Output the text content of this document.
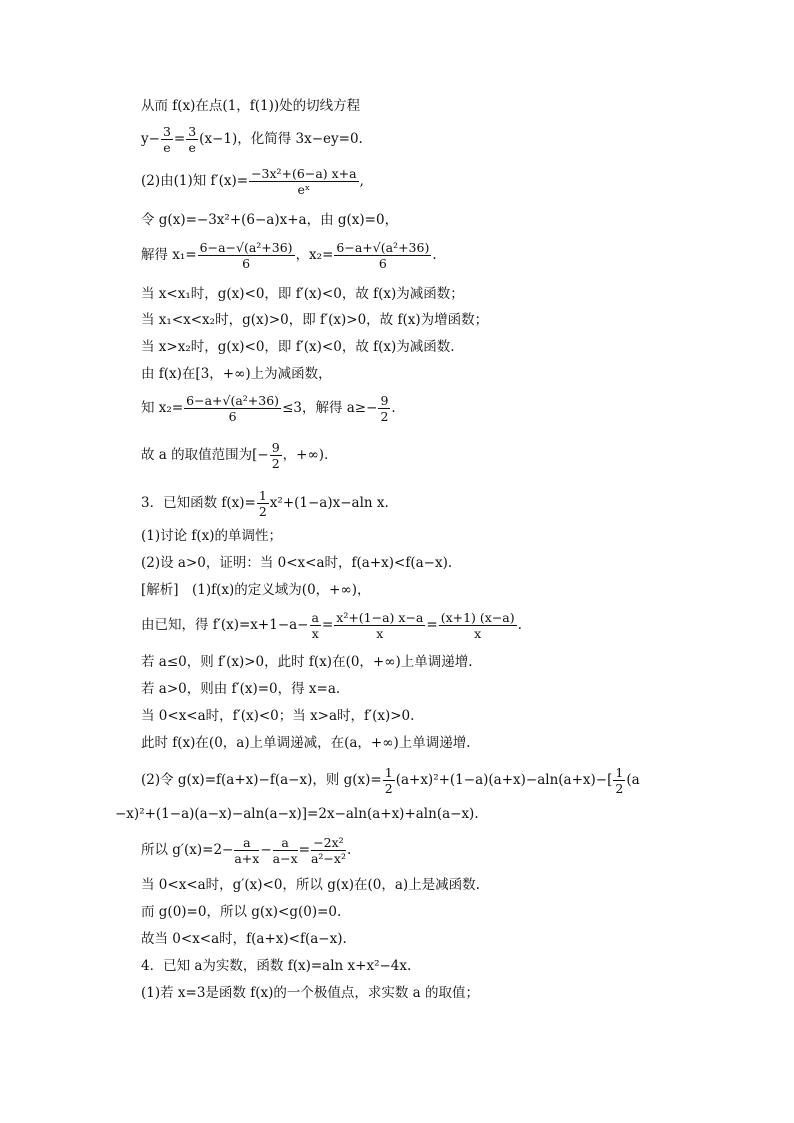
从而 f(x)在点(1，f(1))处的切线方程
$y- \frac{3}{e} = \frac{3}{e} (x-1)$，化简得 3x−ey=0.
(2)由(1)知 $f'(x)= \frac{\text{−3x²+(6−a) x+a}}{\text{eˣ}}$ ,
令 g(x)=−3x²+(6−a)x+a，由 g(x)=0，
解得 $x_1= \frac{\text{6−a−√(a²+36)}}{6}$ ，$x_2= \frac{\text{6−a+√(a²+36)}}{6}$ .
当 x<x₁时，g(x)<0，即 f′(x)<0，故 f(x)为减函数；
当 x₁<x<x₂时，g(x)>0，即 f′(x)>0，故 f(x)为增函数；
当 x>x₂时，g(x)<0，即 f′(x)<0，故 f(x)为减函数.
由 f(x)在[3，+∞)上为减函数，
知 $x_2= \frac{\text{6−a+√(a²+36)}}{6} \le 3$，解得 $a\ge- \frac{9}{2}$ .
故 a 的取值范围为[− $\frac{9}{2}$ ，+∞).
3．已知函数 $f(x)= \frac{1}{2} x^2+(1-a)x-aln$ x.
(1)讨论 f(x)的单调性；
(2)设 a>0，证明：当 0<x<a时，f(a+x)<f(a−x).
[解析]　(1)f(x)的定义域为(0，+∞)，
由已知，得 $f'(x)=x+1-a- \frac{a}{x} = \frac{\text{x²+(1−a) x−a}}{x} = \frac{(x+1) (x-a)}{x}$ .
若 a≤0，则 f′(x)>0，此时 f(x)在(0，+∞)上单调递增.
若 a>0，则由 f′(x)=0，得 x=a.
当 0<x<a时，f′(x)<0；当 x>a时，f′(x)>0.
此时 f(x)在(0，a)上单调递减，在(a，+∞)上单调递增.
(2)令 g(x)=f(a+x)−f(a−x)，则 $g(x)= \frac{1}{2} (a+x)^2+(1-a)(a+x)-aln(a+x)-[ \frac{1}{2} (a$
−x)²+(1−a)(a−x)−aln(a−x)]=2x−aln(a+x)+aln(a−x).
所以 $g'(x)=2- \frac{a}{a+x} - \frac{a}{a-x} = \frac{\text{−2x²}}{\text{a²−x²}}$ .
当 0<x<a时，g′(x)<0，所以 g(x)在(0，a)上是减函数.
而 g(0)=0，所以 g(x)<g(0)=0.
故当 0<x<a时，f(a+x)<f(a−x).
4．已知 a为实数，函数 f(x)=aln x+x²−4x.
(1)若 x=3是函数 f(x)的一个极值点，求实数 a 的取值；
